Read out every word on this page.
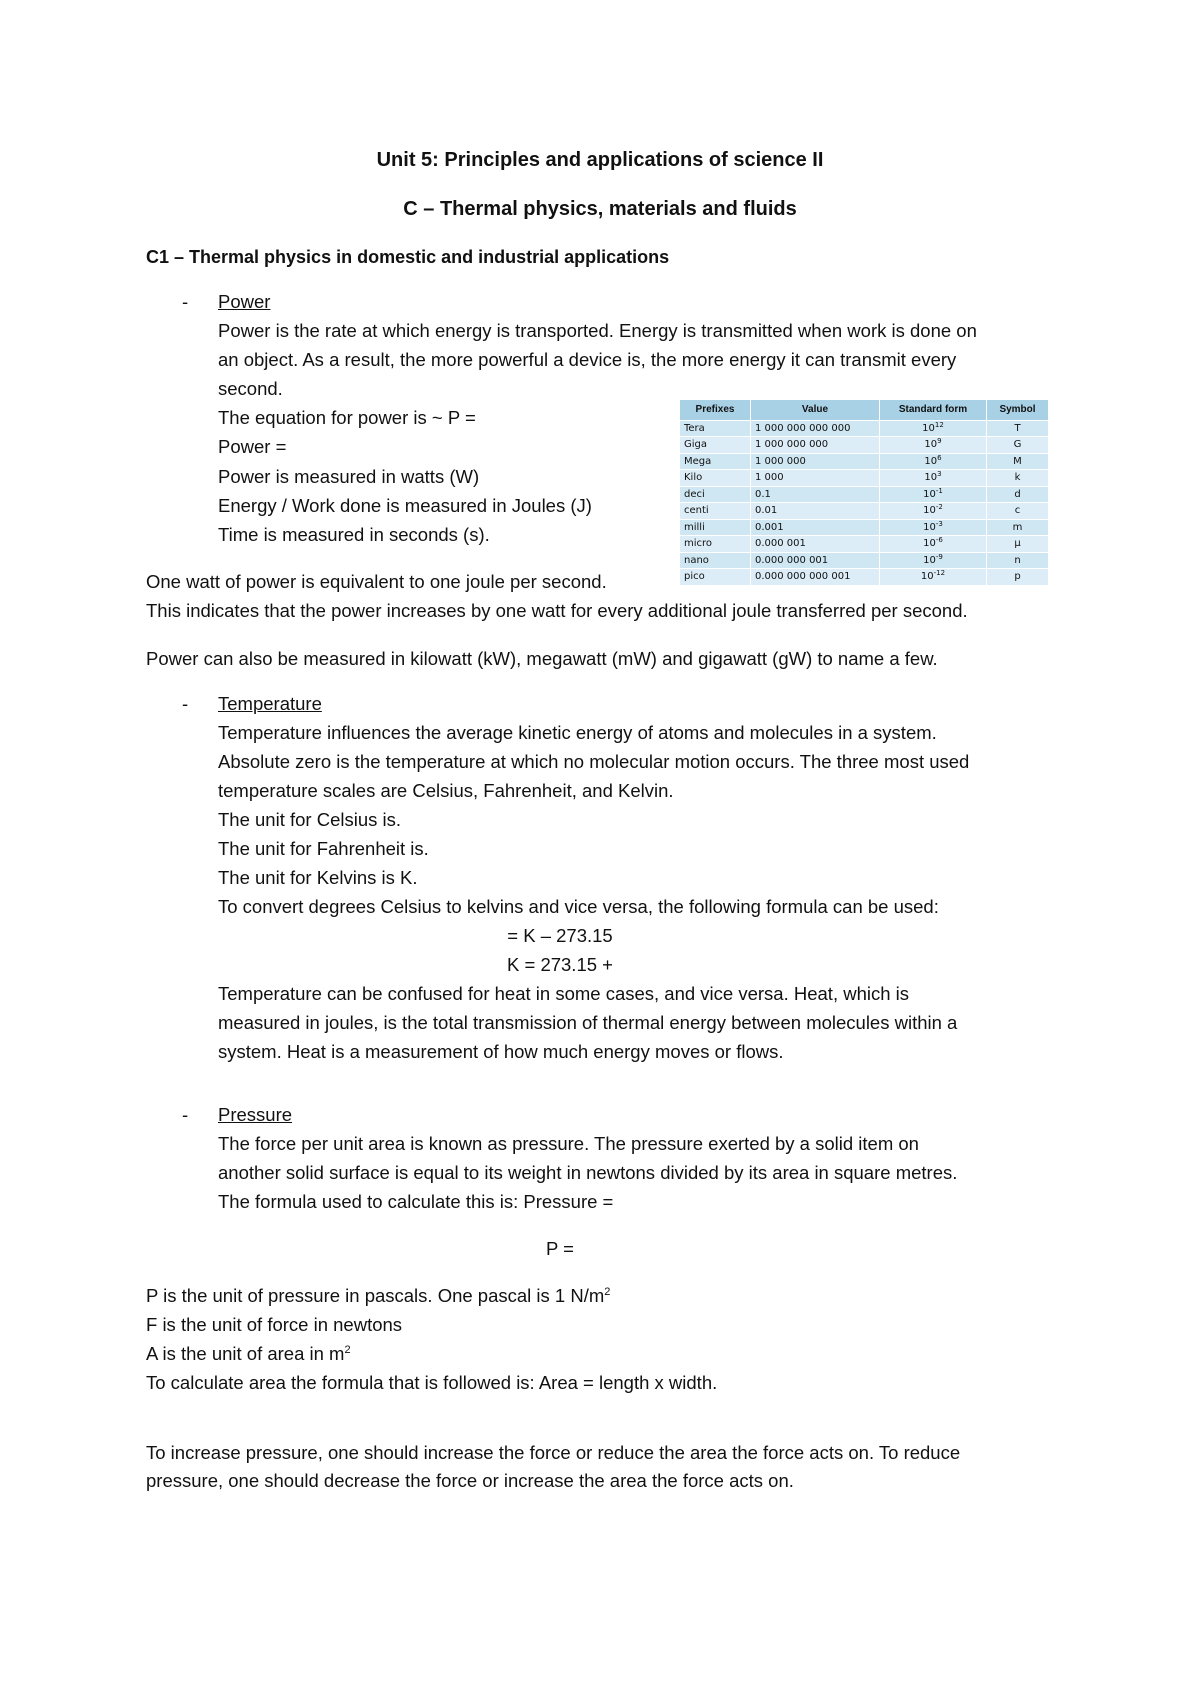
Unit 5: Principles and applications of science II
C – Thermal physics, materials and fluids
C1 – Thermal physics in domestic and industrial applications
- Power
Power is the rate at which energy is transported. Energy is transmitted when work is done on
an object. As a result, the more powerful a device is, the more energy it can transmit every
second.
The equation for power is ~ P =
Power =
Power is measured in watts (W)
Energy / Work done is measured in Joules (J)
Time is measured in seconds (s).
Prefixes	Value	Standard form	Symbol
Tera	1 000 000 000 000	$10^{12}$	T
Giga	1 000 000 000	$10^9$	G
Mega	1 000 000	$10^6$	M
Kilo	1 000	$10^3$	k
deci	0.1	$10^{-1}$	d
centi	0.01	$10^{-2}$	c
milli	0.001	$10^{-3}$	m
micro	0.000 001	$10^{-6}$	µ
nano	0.000 000 001	$10^{-9}$	n
pico	0.000 000 000 001	$10^{-12}$	p
One watt of power is equivalent to one joule per second.
This indicates that the power increases by one watt for every additional joule transferred per second.
Power can also be measured in kilowatt (kW), megawatt (mW) and gigawatt (gW) to name a few.
- Temperature
Temperature influences the average kinetic energy of atoms and molecules in a system.
Absolute zero is the temperature at which no molecular motion occurs. The three most used
temperature scales are Celsius, Fahrenheit, and Kelvin.
The unit for Celsius is.
The unit for Fahrenheit is.
The unit for Kelvins is K.
To convert degrees Celsius to kelvins and vice versa, the following formula can be used:
= K – 273.15
K = 273.15 +
Temperature can be confused for heat in some cases, and vice versa. Heat, which is
measured in joules, is the total transmission of thermal energy between molecules within a
system. Heat is a measurement of how much energy moves or flows.
- Pressure
The force per unit area is known as pressure. The pressure exerted by a solid item on
another solid surface is equal to its weight in newtons divided by its area in square metres.
The formula used to calculate this is: Pressure =
P =
P is the unit of pressure in pascals. One pascal is 1 $N/m^2$
F is the unit of force in newtons
A is the unit of area in $m^2$
To calculate area the formula that is followed is: Area = length x width.
To increase pressure, one should increase the force or reduce the area the force acts on. To reduce
pressure, one should decrease the force or increase the area the force acts on.
